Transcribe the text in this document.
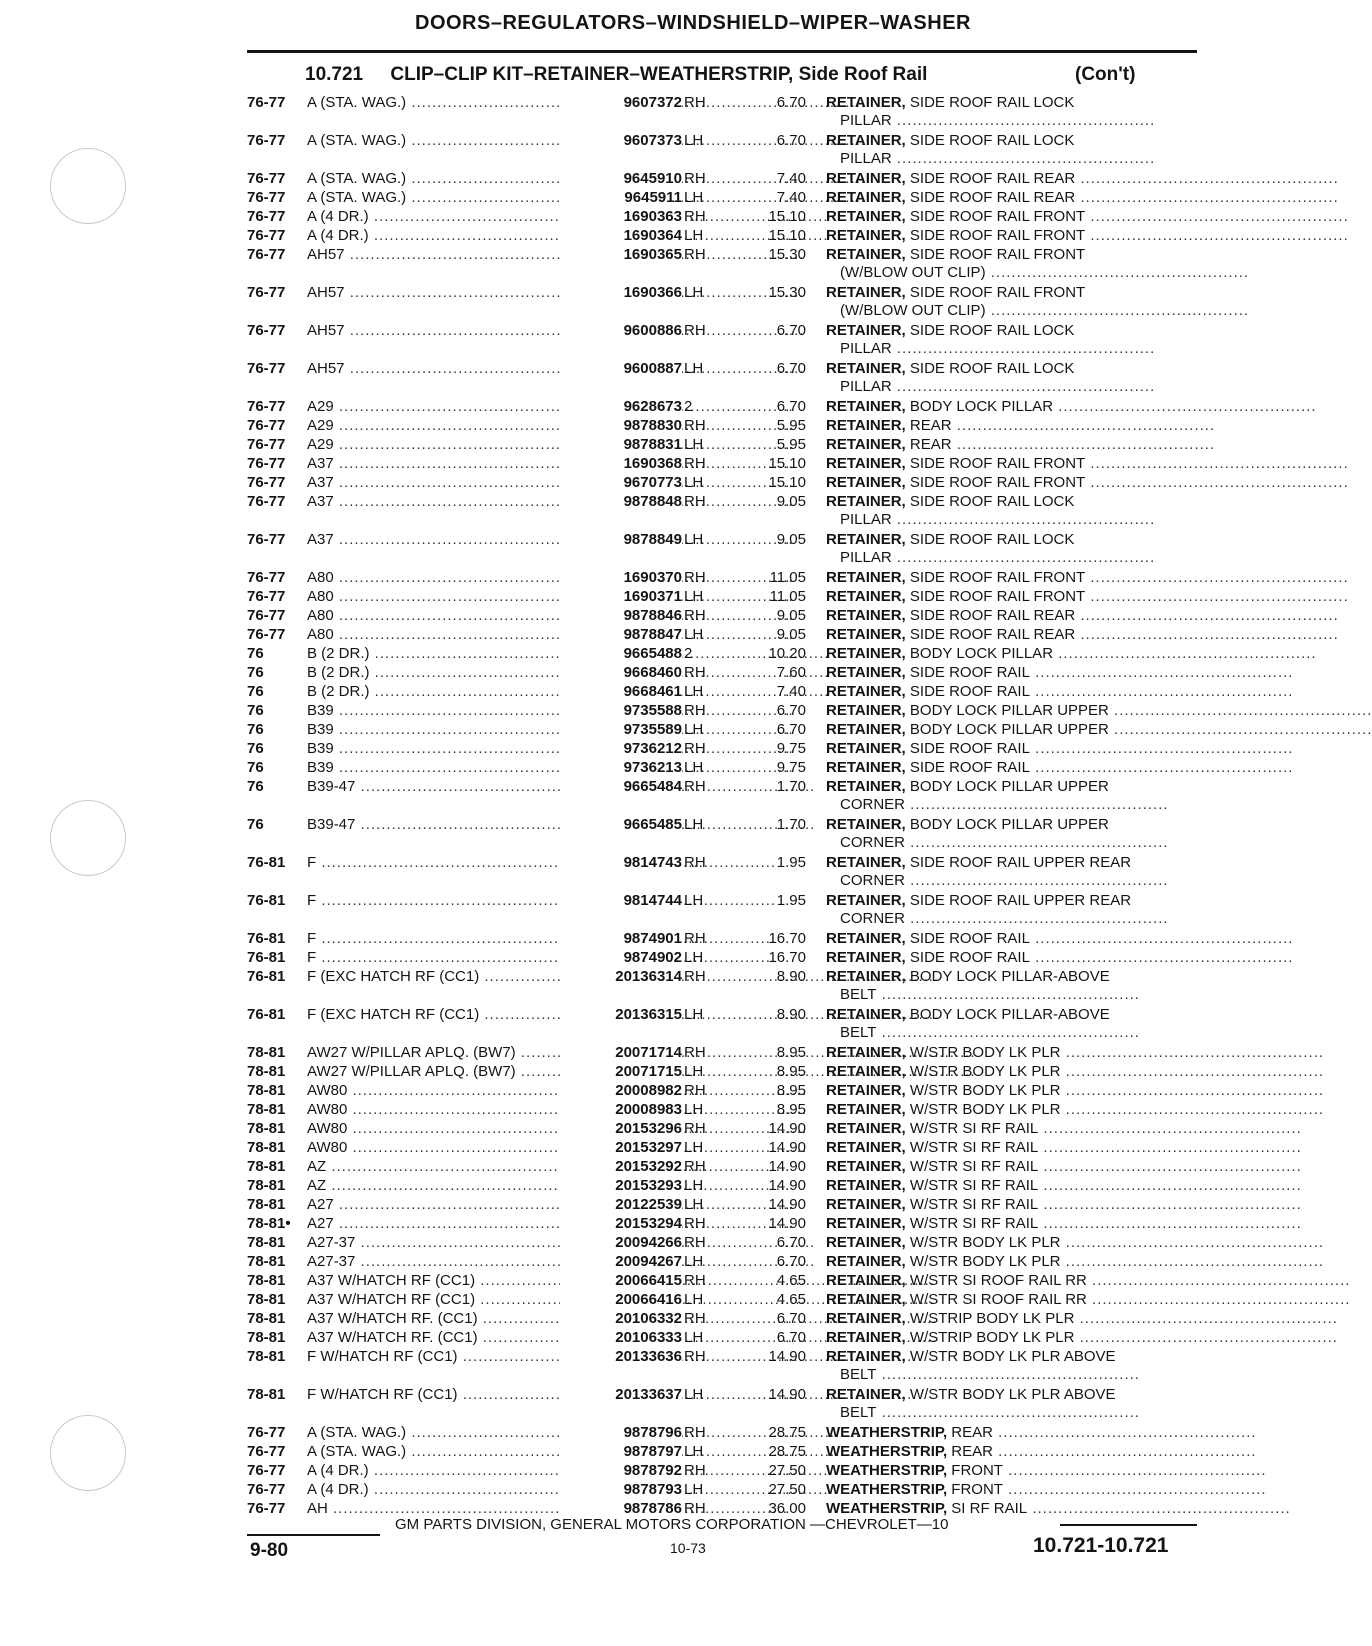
DOORS–REGULATORS–WINDSHIELD–WIPER–WASHER
10.721 CLIP–CLIP KIT–RETAINER–WEATHERSTRIP, Side Roof Rail	(Con't)
76-77 A (STA. WAG.) .....	9607372 RH	6.70 RETAINER, SIDE ROOF RAIL LOCK
PILLAR ..................................................
76-77 A (STA. WAG.) .....	9607373 LH	6.70 RETAINER, SIDE ROOF RAIL LOCK
PILLAR ..................................................
76-77 A (STA. WAG.) .....	9645910 RH	7.40 RETAINER, SIDE ROOF RAIL REAR ..................................................
76-77 A (STA. WAG.) .....	9645911 LH	7.40 RETAINER, SIDE ROOF RAIL REAR ..................................................
76-77 A (4 DR.) .....	1690363 RH	15.10 RETAINER, SIDE ROOF RAIL FRONT ..................................................
76-77 A (4 DR.) .....	1690364 LH	15.10 RETAINER, SIDE ROOF RAIL FRONT ..................................................
76-77 AH57 .....	1690365 RH	15.30 RETAINER, SIDE ROOF RAIL FRONT
(W/BLOW OUT CLIP) ..................................................
76-77 AH57 .....	1690366 LH	15.30 RETAINER, SIDE ROOF RAIL FRONT
(W/BLOW OUT CLIP) ..................................................
76-77 AH57 .....	9600886 RH	6.70 RETAINER, SIDE ROOF RAIL LOCK
PILLAR ..................................................
76-77 AH57 .....	9600887 LH	6.70 RETAINER, SIDE ROOF RAIL LOCK
PILLAR ..................................................
76-77 A29 .....	9628673 2	6.70 RETAINER, BODY LOCK PILLAR ..................................................
76-77 A29 .....	9878830 RH	5.95 RETAINER, REAR ..................................................
76-77 A29 .....	9878831 LH	5.95 RETAINER, REAR ..................................................
76-77 A37 .....	1690368 RH	15.10 RETAINER, SIDE ROOF RAIL FRONT ..................................................
76-77 A37 .....	9670773 LH	15.10 RETAINER, SIDE ROOF RAIL FRONT ..................................................
76-77 A37 .....	9878848 RH	9.05 RETAINER, SIDE ROOF RAIL LOCK
PILLAR ..................................................
76-77 A37 .....	9878849 LH	9.05 RETAINER, SIDE ROOF RAIL LOCK
PILLAR ..................................................
76-77 A80 .....	1690370 RH	11.05 RETAINER, SIDE ROOF RAIL FRONT ..................................................
76-77 A80 .....	1690371 LH	11.05 RETAINER, SIDE ROOF RAIL FRONT ..................................................
76-77 A80 .....	9878846 RH	9.05 RETAINER, SIDE ROOF RAIL REAR ..................................................
76-77 A80 .....	9878847 LH	9.05 RETAINER, SIDE ROOF RAIL REAR ..................................................
76	B (2 DR.) .....	9665488 2	10.20 RETAINER, BODY LOCK PILLAR ..................................................
76	B (2 DR.) .....	9668460 RH	7.60 RETAINER, SIDE ROOF RAIL ..................................................
76	B (2 DR.) .....	9668461 LH	7.40 RETAINER, SIDE ROOF RAIL ..................................................
76	B39 .....	9735588 RH	6.70 RETAINER, BODY LOCK PILLAR UPPER ..................................................
76	B39 .....	9735589 LH	6.70 RETAINER, BODY LOCK PILLAR UPPER ..................................................
76	B39 .....	9736212 RH	9.75 RETAINER, SIDE ROOF RAIL ..................................................
76	B39 .....	9736213 LH	9.75 RETAINER, SIDE ROOF RAIL ..................................................
76	B39-47 .....	9665484 RH	1.70 RETAINER, BODY LOCK PILLAR UPPER
CORNER ..................................................
76	B39-47 .....	9665485 LH	1.70 RETAINER, BODY LOCK PILLAR UPPER
CORNER ..................................................
76-81 F .....	9814743 RH	1.95 RETAINER, SIDE ROOF RAIL UPPER REAR
CORNER ..................................................
76-81 F .....	9814744 LH	1.95 RETAINER, SIDE ROOF RAIL UPPER REAR
CORNER ..................................................
76-81 F .....	9874901 RH	16.70 RETAINER, SIDE ROOF RAIL ..................................................
76-81 F .....	9874902 LH	16.70 RETAINER, SIDE ROOF RAIL ..................................................
76-81 F (EXC HATCH RF (CC1) .....	20136314 RH	8.90 RETAINER, BODY LOCK PILLAR-ABOVE
BELT ..................................................
76-81 F (EXC HATCH RF (CC1) .....	20136315 LH	8.90 RETAINER, BODY LOCK PILLAR-ABOVE
BELT ..................................................
78-81 AW27 W/PILLAR APLQ. (BW7) .....	20071714 RH	8.95 RETAINER, W/STR BODY LK PLR ..................................................
78-81 AW27 W/PILLAR APLQ. (BW7) .....	20071715 LH	8.95 RETAINER, W/STR BODY LK PLR ..................................................
78-81 AW80 .....	20008982 RH	8.95 RETAINER, W/STR BODY LK PLR ..................................................
78-81 AW80 .....	20008983 LH	8.95 RETAINER, W/STR BODY LK PLR ..................................................
78-81 AW80 .....	20153296 RH	14.90 RETAINER, W/STR SI RF RAIL ..................................................
78-81 AW80 .....	20153297 LH	14.90 RETAINER, W/STR SI RF RAIL ..................................................
78-81 AZ .....	20153292 RH	14.90 RETAINER, W/STR SI RF RAIL ..................................................
78-81 AZ .....	20153293 LH	14.90 RETAINER, W/STR SI RF RAIL ..................................................
78-81 A27 .....	20122539 LH	14.90 RETAINER, W/STR SI RF RAIL ..................................................
78-81• A27 .....	20153294 RH	14.90 RETAINER, W/STR SI RF RAIL ..................................................
78-81 A27-37 .....	20094266 RH	6.70 RETAINER, W/STR BODY LK PLR ..................................................
78-81 A27-37 .....	20094267 LH	6.70 RETAINER, W/STR BODY LK PLR ..................................................
78-81 A37 W/HATCH RF (CC1) .....	20066415 RH	4.65 RETAINER, W/STR SI ROOF RAIL RR ..................................................
78-81 A37 W/HATCH RF (CC1) .....	20066416 LH	4.65 RETAINER, W/STR SI ROOF RAIL RR ..................................................
78-81 A37 W/HATCH RF. (CC1) .....	20106332 RH	6.70 RETAINER, W/STRIP BODY LK PLR ..................................................
78-81 A37 W/HATCH RF. (CC1) .....	20106333 LH	6.70 RETAINER, W/STRIP BODY LK PLR ..................................................
78-81 F W/HATCH RF (CC1) .....	20133636 RH	14.90 RETAINER, W/STR BODY LK PLR ABOVE
BELT ..................................................
78-81 F W/HATCH RF (CC1) .....	20133637 LH	14.90 RETAINER, W/STR BODY LK PLR ABOVE
BELT ..................................................
76-77 A (STA. WAG.) .....	9878796 RH	28.75 WEATHERSTRIP, REAR ..................................................
76-77 A (STA. WAG.) .....	9878797 LH	28.75 WEATHERSTRIP, REAR ..................................................
76-77 A (4 DR.) .....	9878792 RH	27.50 WEATHERSTRIP, FRONT ..................................................
76-77 A (4 DR.) .....	9878793 LH	27.50 WEATHERSTRIP, FRONT ..................................................
76-77 AH .....	9878786 RH	36.00 WEATHERSTRIP, SI RF RAIL ..................................................
GM PARTS DIVISION, GENERAL MOTORS CORPORATION —CHEVROLET—10
10-73
9-80	10.721-10.721
